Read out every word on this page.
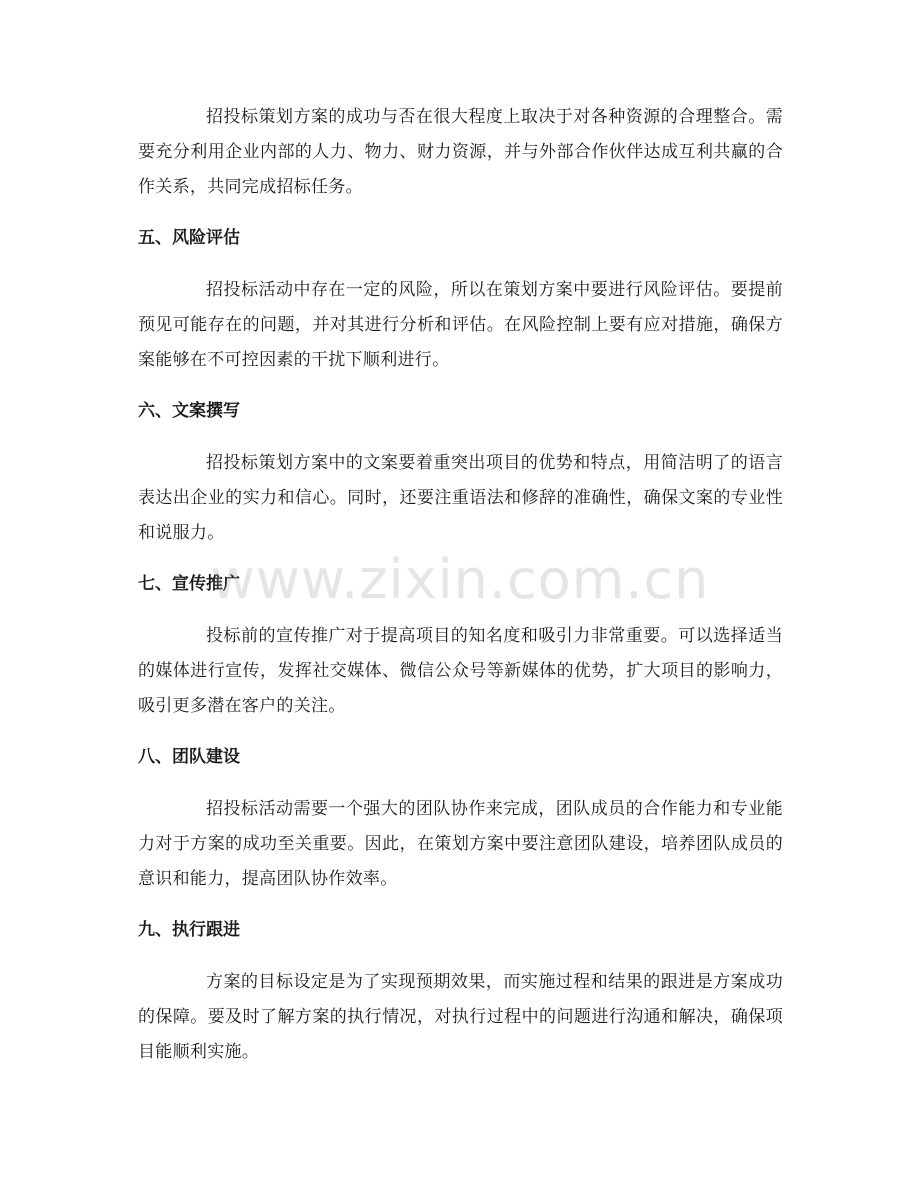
招投标策划方案的成功与否在很大程度上取决于对各种资源的合理整合。需要充分利用企业内部的人力、物力、财力资源，并与外部合作伙伴达成互利共赢的合作关系，共同完成招标任务。

五、风险评估

招投标活动中存在一定的风险，所以在策划方案中要进行风险评估。要提前预见可能存在的问题，并对其进行分析和评估。在风险控制上要有应对措施，确保方案能够在不可控因素的干扰下顺利进行。

六、文案撰写

招投标策划方案中的文案要着重突出项目的优势和特点，用简洁明了的语言表达出企业的实力和信心。同时，还要注重语法和修辞的准确性，确保文案的专业性和说服力。

七、宣传推广

投标前的宣传推广对于提高项目的知名度和吸引力非常重要。可以选择适当的媒体进行宣传，发挥社交媒体、微信公众号等新媒体的优势，扩大项目的影响力，吸引更多潜在客户的关注。

八、团队建设

招投标活动需要一个强大的团队协作来完成，团队成员的合作能力和专业能力对于方案的成功至关重要。因此，在策划方案中要注意团队建设，培养团队成员的意识和能力，提高团队协作效率。

九、执行跟进

方案的目标设定是为了实现预期效果，而实施过程和结果的跟进是方案成功的保障。要及时了解方案的执行情况，对执行过程中的问题进行沟通和解决，确保项目能顺利实施。

www.zixin.com.cn
